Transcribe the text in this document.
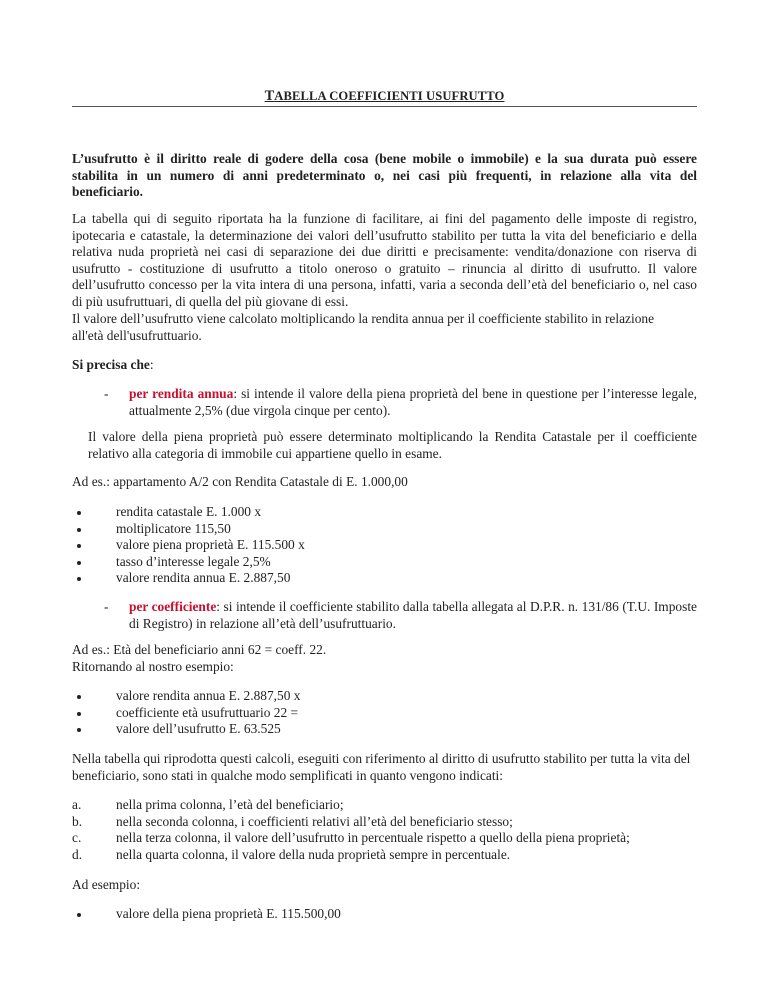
TABELLA COEFFICIENTI USUFRUTTO

L’usufrutto è il diritto reale di godere della cosa (bene mobile o immobile) e la sua durata può essere stabilita in un numero di anni predeterminato o, nei casi più frequenti, in relazione alla vita del beneficiario.

La tabella qui di seguito riportata ha la funzione di facilitare, ai fini del pagamento delle imposte di registro, ipotecaria e catastale, la determinazione dei valori dell’usufrutto stabilito per tutta la vita del beneficiario e della relativa nuda proprietà nei casi di separazione dei due diritti e precisamente: vendita/donazione con riserva di usufrutto - costituzione di usufrutto a titolo oneroso o gratuito – rinuncia al diritto di usufrutto. Il valore dell’usufrutto concesso per la vita intera di una persona, infatti, varia a seconda dell’età del beneficiario o, nel caso di più usufruttuari, di quella del più giovane di essi.

Il valore dell’usufrutto viene calcolato moltiplicando la rendita annua per il coefficiente stabilito in relazione all'età dell'usufruttuario.

Si precisa che:

- per rendita annua: si intende il valore della piena proprietà del bene in questione per l’interesse legale, attualmente 2,5% (due virgola cinque per cento).

Il valore della piena proprietà può essere determinato moltiplicando la Rendita Catastale per il coefficiente relativo alla categoria di immobile cui appartiene quello in esame.

Ad es.: appartamento A/2 con Rendita Catastale di E. 1.000,00

rendita catastale E. 1.000 x
moltiplicatore 115,50
valore piena proprietà E. 115.500 x
tasso d’interesse legale 2,5%
valore rendita annua E. 2.887,50
- per coefficiente: si intende il coefficiente stabilito dalla tabella allegata al D.P.R. n. 131/86 (T.U. Imposte di Registro) in relazione all’età dell’usufruttuario.

Ad es.: Età del beneficiario anni 62 = coeff. 22.

Ritornando al nostro esempio:

valore rendita annua E. 2.887,50 x
coefficiente età usufruttuario 22 =
valore dell’usufrutto E. 63.525

Nella tabella qui riprodotta questi calcoli, eseguiti con riferimento al diritto di usufrutto stabilito per tutta la vita del beneficiario, sono stati in qualche modo semplificati in quanto vengono indicati:

a.	nella prima colonna, l’età del beneficiario;
b.	nella seconda colonna, i coefficienti relativi all’età del beneficiario stesso;
c.	nella terza colonna, il valore dell’usufrutto in percentuale rispetto a quello della piena proprietà;
d.	nella quarta colonna, il valore della nuda proprietà sempre in percentuale.

Ad esempio:

valore della piena proprietà E. 115.500,00
